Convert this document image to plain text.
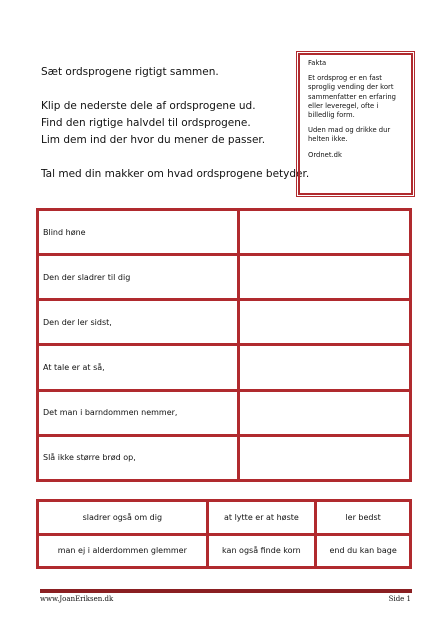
Sæt ordsprogene rigtigt sammen.

Klip de nederste dele af ordsprogene ud.

Find den rigtige halvdel til ordsprogene.

Lim dem ind der hvor du mener de passer.

Tal med din makker om hvad ordsprogene betyder.

Fakta

Et ordsprog er en fast sproglig vending der kort sammenfatter en erfaring eller leveregel, ofte i billedlig form.

Uden mad og drikke dur helten ikke.

Ordnet.dk

Blind høne	
Den der sladrer til dig	
Den der ler sidst,	
At tale er at så,	
Det man i barndommen nemmer,	
Slå ikke større brød op,	
sladrer også om dig	at lytte er at høste	ler bedst
man ej i alderdommen glemmer	kan også finde korn	end du kan bage
www.JoanEriksen.dk	Side 1
